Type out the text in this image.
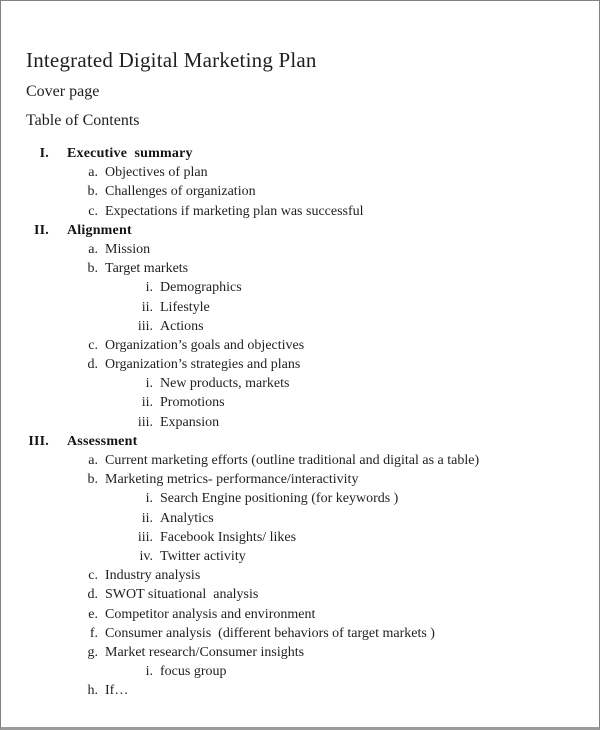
Integrated Digital Marketing Plan
Cover page
Table of Contents
I. Executive  summary
a. Objectives of plan
b. Challenges of organization
c. Expectations if marketing plan was successful
II. Alignment
a. Mission
b. Target markets
i. Demographics
ii. Lifestyle
iii. Actions
c. Organization’s goals and objectives
d. Organization’s strategies and plans
i. New products, markets
ii. Promotions
iii. Expansion
III. Assessment
a. Current marketing efforts (outline traditional and digital as a table)
b. Marketing metrics- performance/interactivity
i. Search Engine positioning (for keywords )
ii. Analytics
iii. Facebook Insights/ likes
iv. Twitter activity
c. Industry analysis
d. SWOT situational  analysis
e. Competitor analysis and environment
f. Consumer analysis  (different behaviors of target markets )
g. Market research/Consumer insights
i. focus group
h. If…
